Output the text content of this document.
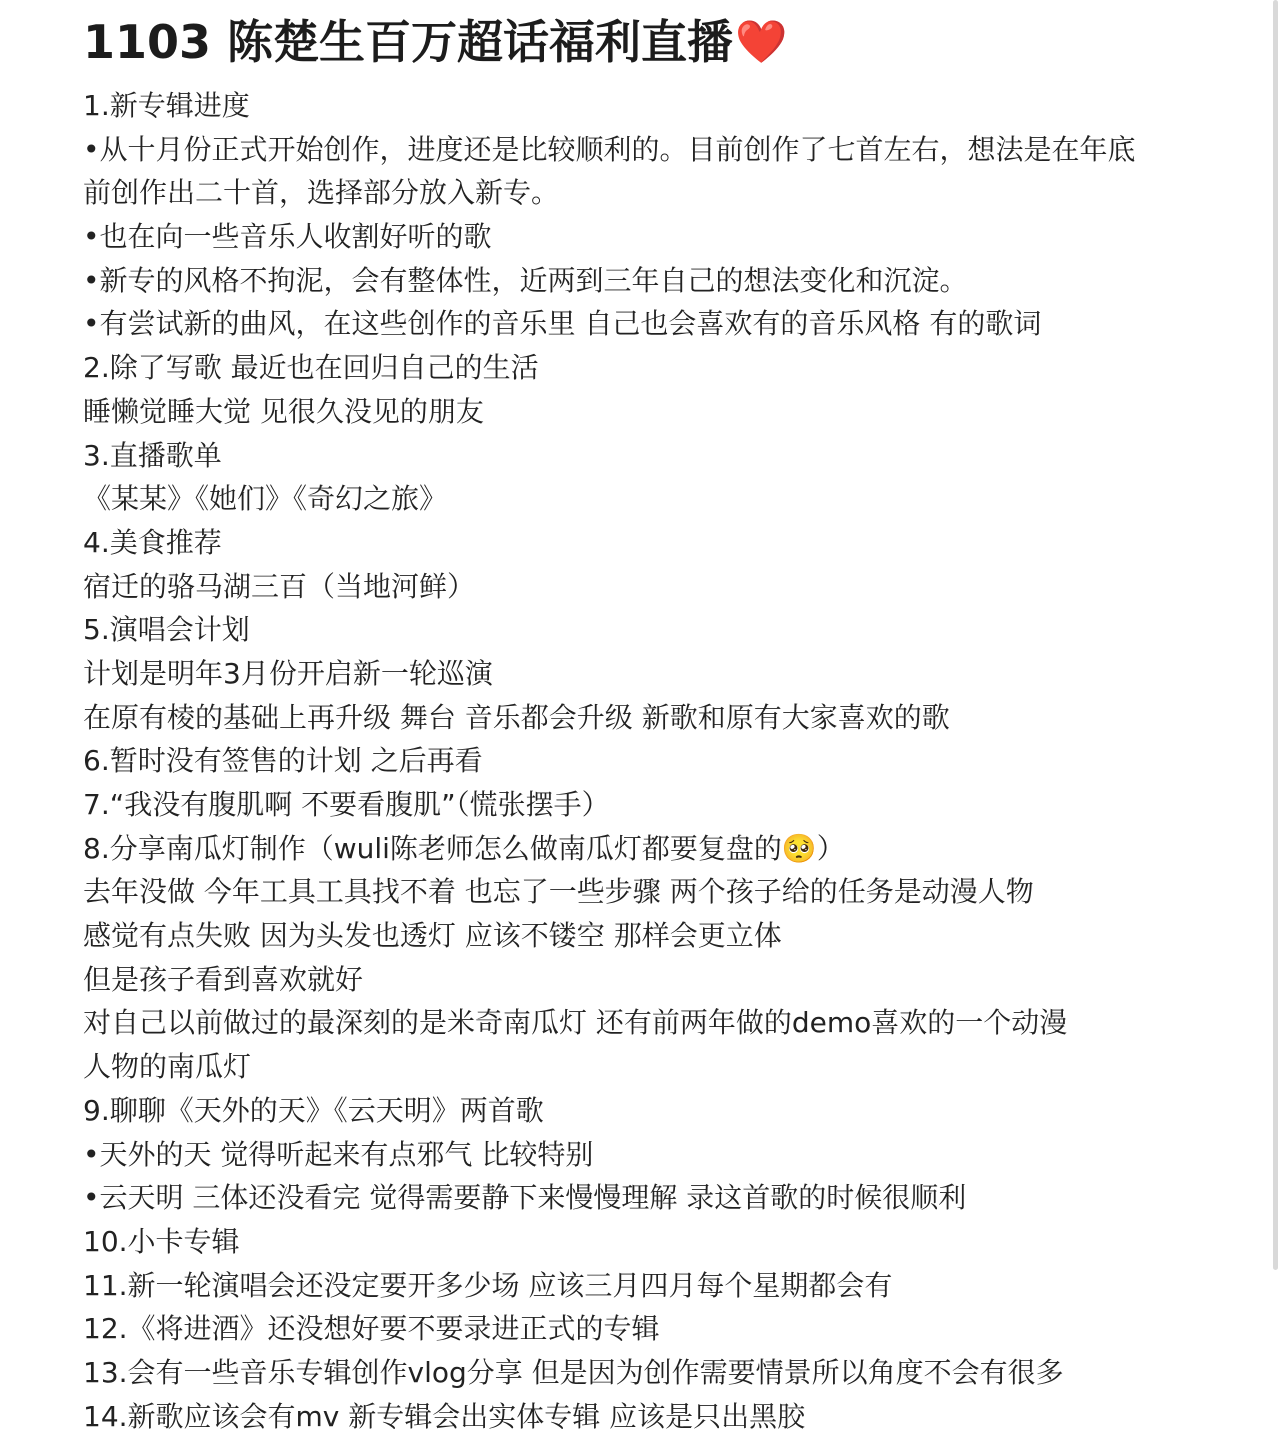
1103 陈楚生百万超话福利直播❤️
1.新专辑进度
•从十月份正式开始创作，进度还是比较顺利的。目前创作了七首左右，想法是在年底
前创作出二十首，选择部分放入新专。
•也在向一些音乐人收割好听的歌
•新专的风格不拘泥，会有整体性，近两到三年自己的想法变化和沉淀。
•有尝试新的曲风，在这些创作的音乐里 自己也会喜欢有的音乐风格 有的歌词
2.除了写歌 最近也在回归自己的生活
睡懒觉睡大觉 见很久没见的朋友
3.直播歌单
《某某》《她们》《奇幻之旅》
4.美食推荐
宿迁的骆马湖三百（当地河鲜）
5.演唱会计划
计划是明年3月份开启新一轮巡演
在原有棱的基础上再升级 舞台 音乐都会升级 新歌和原有大家喜欢的歌
6.暂时没有签售的计划 之后再看
7.“我没有腹肌啊 不要看腹肌”（慌张摆手）
8.分享南瓜灯制作（wuli陈老师怎么做南瓜灯都要复盘的🥺）
去年没做 今年工具工具找不着 也忘了一些步骤 两个孩子给的任务是动漫人物
感觉有点失败 因为头发也透灯 应该不镂空 那样会更立体
但是孩子看到喜欢就好
对自己以前做过的最深刻的是米奇南瓜灯 还有前两年做的demo喜欢的一个动漫
人物的南瓜灯
9.聊聊《天外的天》《云天明》两首歌
•天外的天 觉得听起来有点邪气 比较特别
•云天明 三体还没看完 觉得需要静下来慢慢理解 录这首歌的时候很顺利
10.小卡专辑
11.新一轮演唱会还没定要开多少场 应该三月四月每个星期都会有
12.《将进酒》还没想好要不要录进正式的专辑
13.会有一些音乐专辑创作vlog分享 但是因为创作需要情景所以角度不会有很多
14.新歌应该会有mv 新专辑会出实体专辑 应该是只出黑胶
